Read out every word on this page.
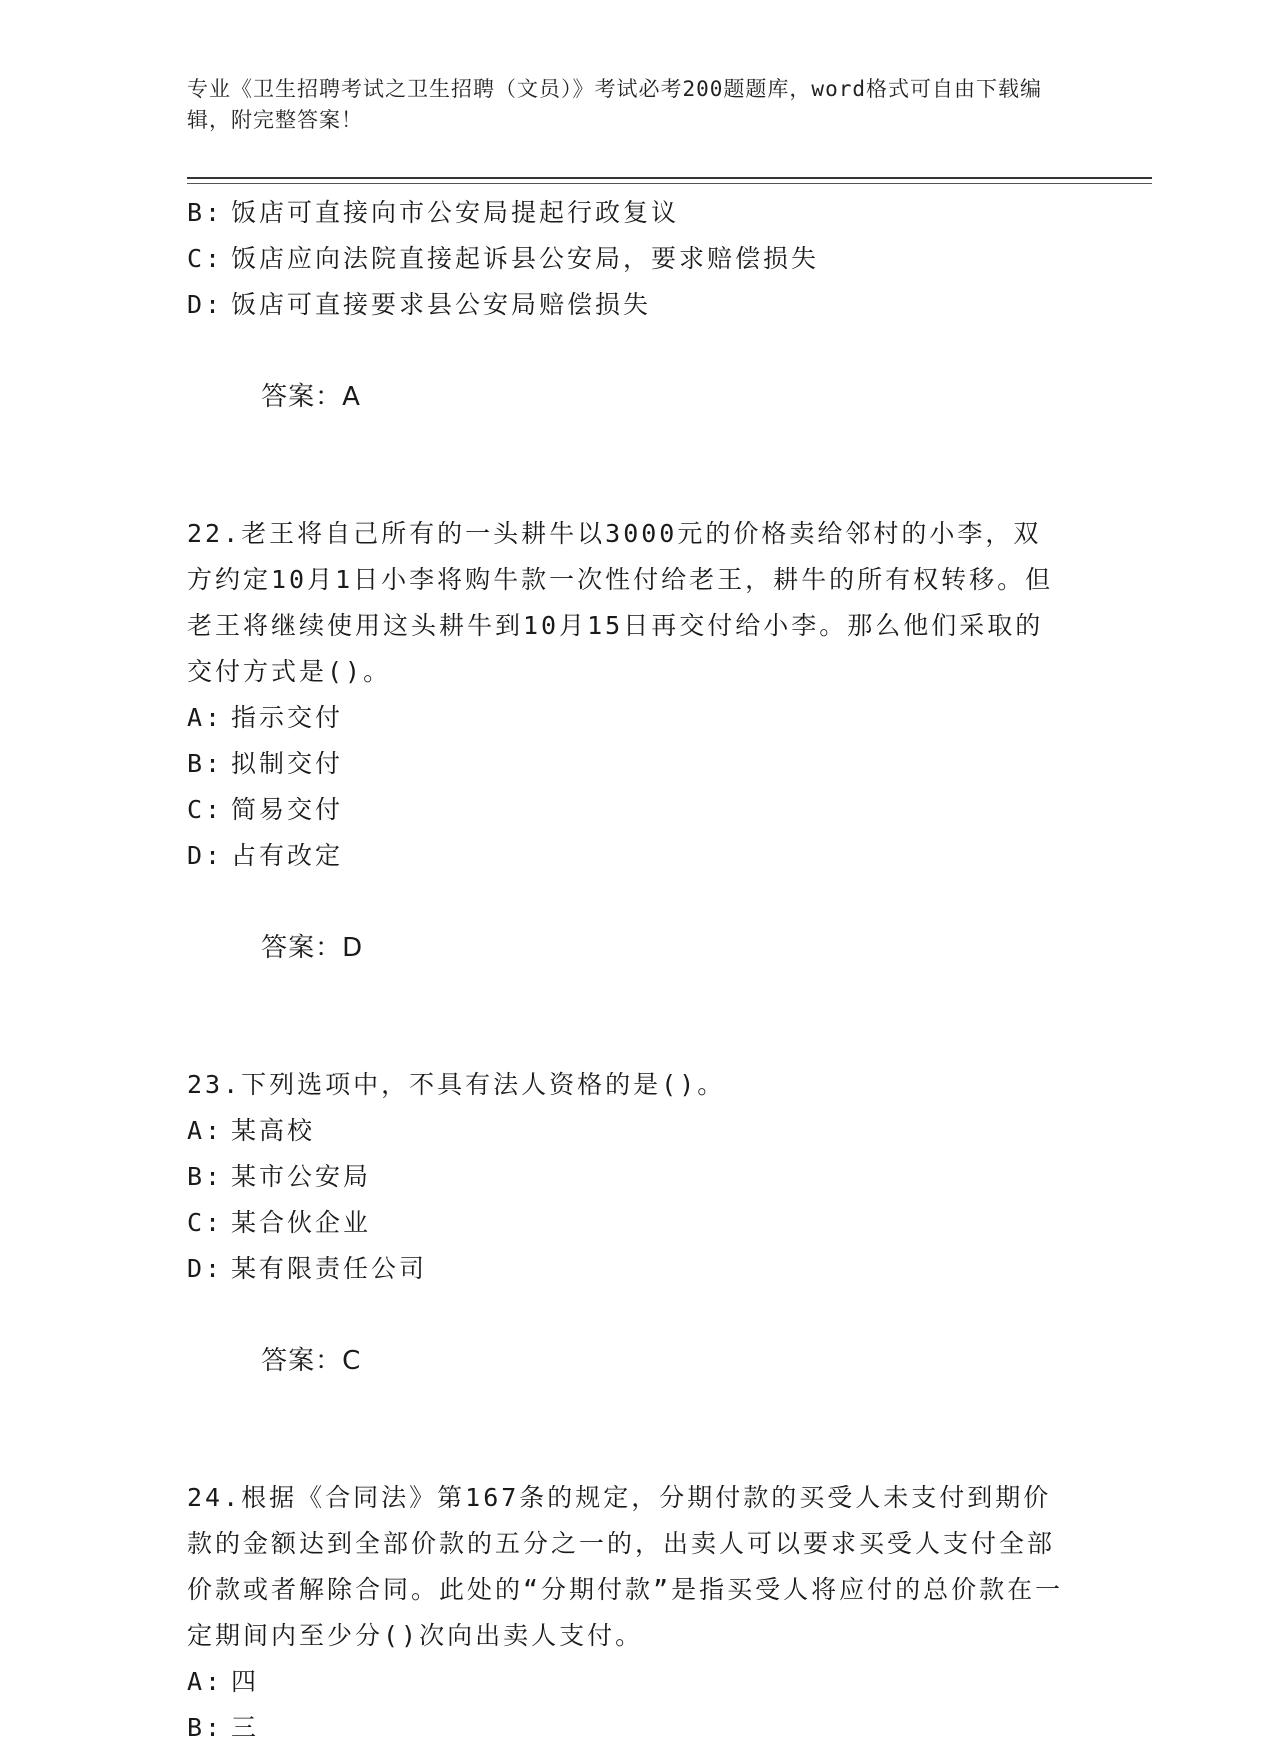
专业《卫生招聘考试之卫生招聘（文员）》考试必考200题题库，word格式可自由下载编辑，附完整答案！
B: 饭店可直接向市公安局提起行政复议
C: 饭店应向法院直接起诉县公安局，要求赔偿损失
D: 饭店可直接要求县公安局赔偿损失

答案：A

22.老王将自己所有的一头耕牛以3000元的价格卖给邻村的小李，双方约定10月1日小李将购牛款一次性付给老王，耕牛的所有权转移。但老王将继续使用这头耕牛到10月15日再交付给小李。那么他们采取的交付方式是()。

A: 指示交付
B: 拟制交付
C: 简易交付
D: 占有改定

答案：D

23.下列选项中，不具有法人资格的是()。

A: 某高校
B: 某市公安局
C: 某合伙企业
D: 某有限责任公司

答案：C

24.根据《合同法》第167条的规定，分期付款的买受人未支付到期价款的金额达到全部价款的五分之一的，出卖人可以要求买受人支付全部价款或者解除合同。此处的“分期付款”是指买受人将应付的总价款在一定期间内至少分()次向出卖人支付。

A: 四
B: 三
